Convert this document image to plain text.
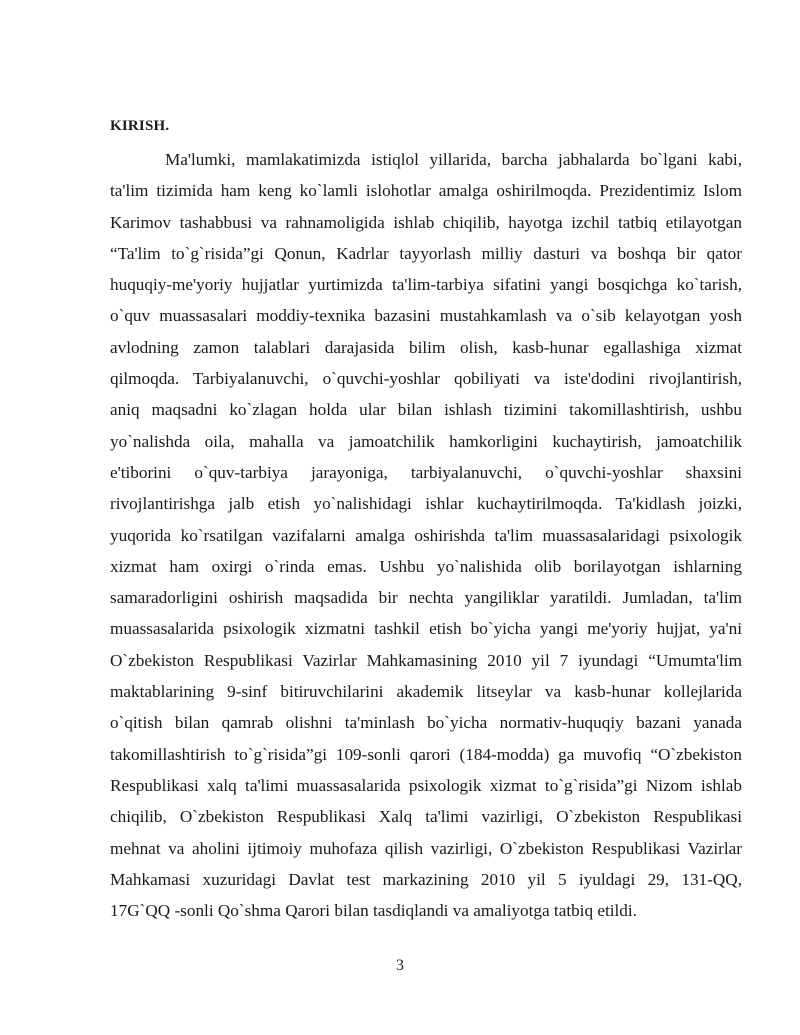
KIRISH.
Ma'lumki, mamlakatimizda istiqlol yillarida, barcha jabhalarda bo`lgani kabi,
ta'lim tizimida ham keng ko`lamli islohotlar amalga oshirilmoqda. Prezidentimiz Islom
Karimov tashabbusi va rahnamoligida ishlab chiqilib, hayotga izchil tatbiq etilayotgan
“Ta'lim to`g`risida”gi Qonun, Kadrlar tayyorlash milliy dasturi va boshqa bir qator
huquqiy-me'yoriy hujjatlar yurtimizda ta'lim-tarbiya sifatini yangi bosqichga ko`tarish,
o`quv muassasalari moddiy-texnika bazasini mustahkamlash va o`sib kelayotgan yosh
avlodning zamon talablari darajasida bilim olish, kasb-hunar egallashiga xizmat
qilmoqda. Tarbiyalanuvchi, o`quvchi-yoshlar qobiliyati va iste'dodini rivojlantirish,
aniq maqsadni ko`zlagan holda ular bilan ishlash tizimini takomillashtirish, ushbu
yo`nalishda oila, mahalla va jamoatchilik hamkorligini kuchaytirish, jamoatchilik
e'tiborini o`quv-tarbiya jarayoniga, tarbiyalanuvchi, o`quvchi-yoshlar shaxsini
rivojlantirishga jalb etish yo`nalishidagi ishlar kuchaytirilmoqda. Ta'kidlash joizki,
yuqorida ko`rsatilgan vazifalarni amalga oshirishda ta'lim muassasalaridagi psixologik
xizmat ham oxirgi o`rinda emas. Ushbu yo`nalishida olib borilayotgan ishlarning
samaradorligini oshirish maqsadida bir nechta yangiliklar yaratildi. Jumladan, ta'lim
muassasalarida psixologik xizmatni tashkil etish bo`yicha yangi me'yoriy hujjat, ya'ni
O`zbekiston Respublikasi Vazirlar Mahkamasining 2010 yil 7 iyundagi “Umumta'lim
maktablarining 9-sinf bitiruvchilarini akademik litseylar va kasb-hunar kollejlarida
o`qitish bilan qamrab olishni ta'minlash bo`yicha normativ-huquqiy bazani yanada
takomillashtirish to`g`risida”gi 109-sonli qarori (184-modda) ga muvofiq “O`zbekiston
Respublikasi xalq ta'limi muassasalarida psixologik xizmat to`g`risida”gi Nizom ishlab
chiqilib, O`zbekiston Respublikasi Xalq ta'limi vazirligi, O`zbekiston Respublikasi
mehnat va aholini ijtimoiy muhofaza qilish vazirligi, O`zbekiston Respublikasi Vazirlar
Mahkamasi xuzuridagi Davlat test markazining 2010 yil 5 iyuldagi 29, 131-QQ,
17G`QQ -sonli Qo`shma Qarori bilan tasdiqlandi va amaliyotga tatbiq etildi.
3
